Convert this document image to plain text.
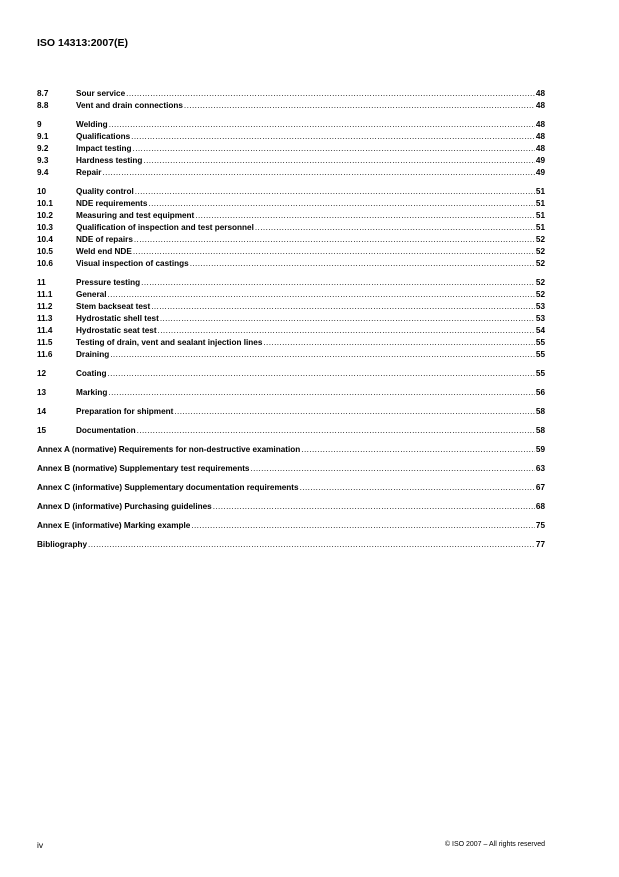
ISO 14313:2007(E)
8.7	Sour service .....	48
8.8	Vent and drain connections .....	48
9	Welding .....	48
9.1	Qualifications .....	48
9.2	Impact testing .....	48
9.3	Hardness testing .....	49
9.4	Repair .....	49
10	Quality control .....	51
10.1	NDE requirements .....	51
10.2	Measuring and test equipment .....	51
10.3	Qualification of inspection and test personnel .....	51
10.4	NDE of repairs .....	52
10.5	Weld end NDE .....	52
10.6	Visual inspection of castings .....	52
11	Pressure testing .....	52
11.1	General .....	52
11.2	Stem backseat test .....	53
11.3	Hydrostatic shell test .....	53
11.4	Hydrostatic seat test .....	54
11.5	Testing of drain, vent and sealant injection lines .....	55
11.6	Draining .....	55
12	Coating .....	55
13	Marking .....	56
14	Preparation for shipment .....	58
15	Documentation .....	58
Annex A (normative) Requirements for non-destructive examination .....	59
Annex B (normative) Supplementary test requirements .....	63
Annex C (informative) Supplementary documentation requirements .....	67
Annex D (informative) Purchasing guidelines .....	68
Annex E (informative) Marking example .....	75
Bibliography .....	77
iv	© ISO 2007 – All rights reserved
